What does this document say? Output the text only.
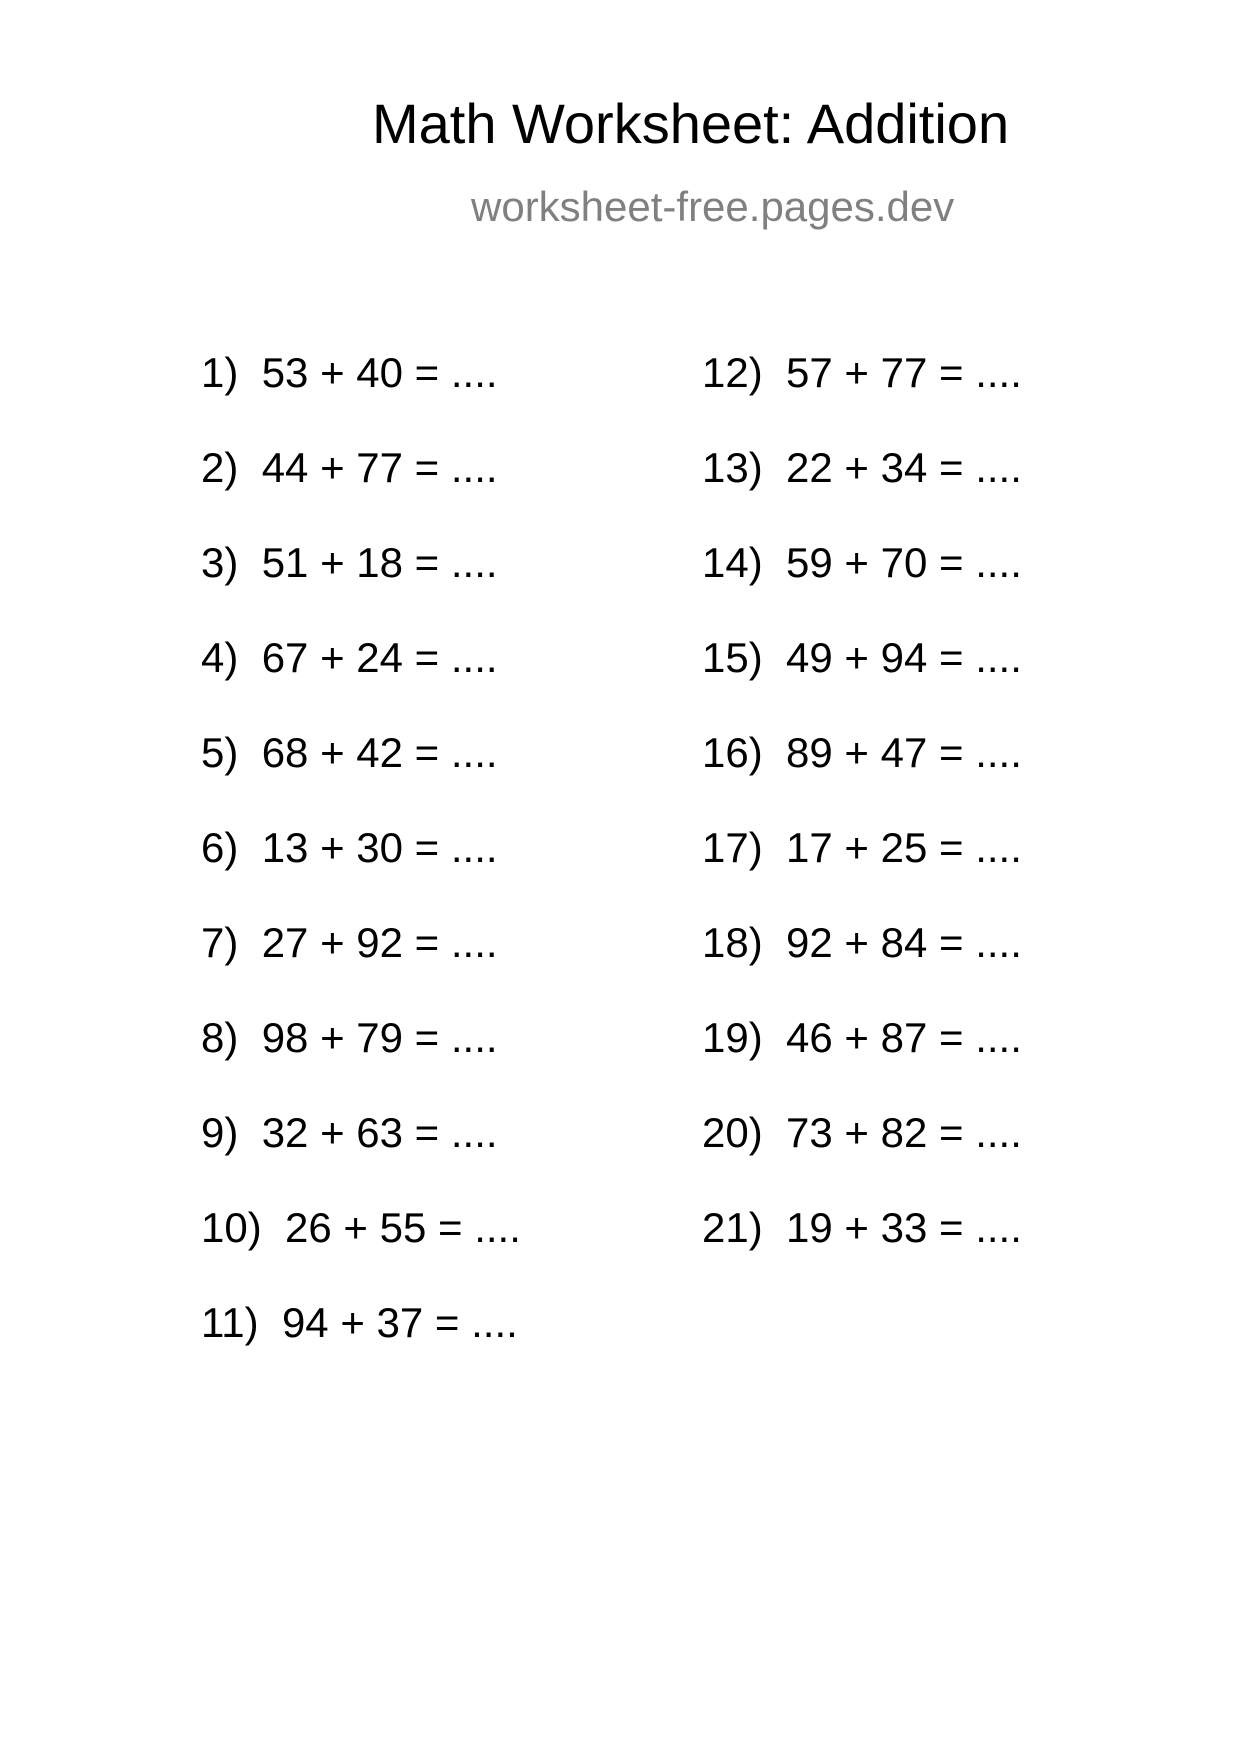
Math Worksheet: Addition
worksheet-free.pages.dev
1) 53 + 40 = ....
2) 44 + 77 = ....
3) 51 + 18 = ....
4) 67 + 24 = ....
5) 68 + 42 = ....
6) 13 + 30 = ....
7) 27 + 92 = ....
8) 98 + 79 = ....
9) 32 + 63 = ....
10) 26 + 55 = ....
11) 94 + 37 = ....
12) 57 + 77 = ....
13) 22 + 34 = ....
14) 59 + 70 = ....
15) 49 + 94 = ....
16) 89 + 47 = ....
17) 17 + 25 = ....
18) 92 + 84 = ....
19) 46 + 87 = ....
20) 73 + 82 = ....
21) 19 + 33 = ....
